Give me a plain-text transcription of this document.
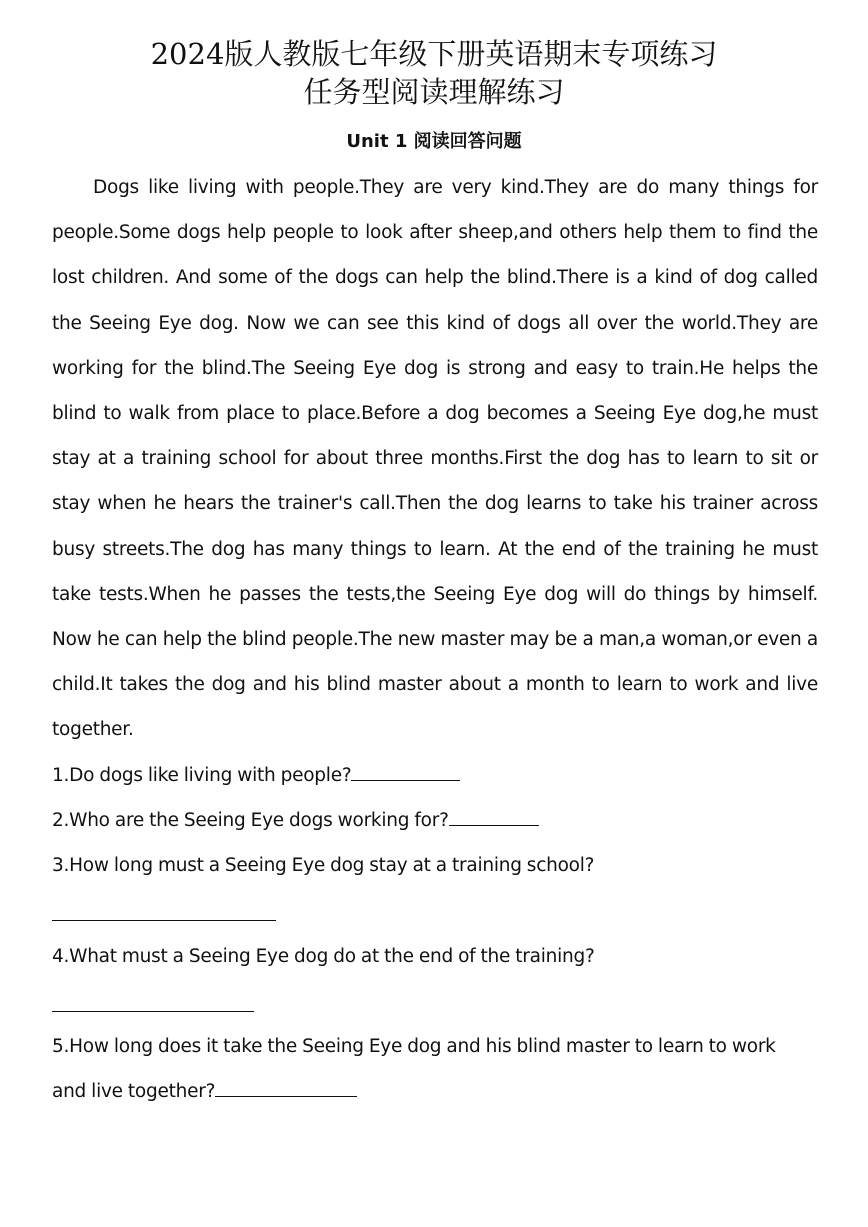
2024版人教版七年级下册英语期末专项练习
任务型阅读理解练习
Unit 1 阅读回答问题

Dogs like living with people.They are very kind.They are do many things for people.Some dogs help people to look after sheep,and others help them to find the lost children. And some of the dogs can help the blind.There is a kind of dog called the Seeing Eye dog. Now we can see this kind of dogs all over the world.They are working for the blind.The Seeing Eye dog is strong and easy to train.He helps the blind to walk from place to place.Before a dog becomes a Seeing Eye dog,he must stay at a training school for about three months.First the dog has to learn to sit or stay when he hears the trainer's call.Then the dog learns to take his trainer across busy streets.The dog has many things to learn. At the end of the training he must take tests.When he passes the tests,the Seeing Eye dog will do things by himself. Now he can help the blind people.The new master may be a man,a woman,or even a child.It takes the dog and his blind master about a month to learn to work and live together.

1.Do dogs like living with people?
2.Who are the Seeing Eye dogs working for?
3.How long must a Seeing Eye dog stay at a training school?
4.What must a Seeing Eye dog do at the end of the training?
5.How long does it take the Seeing Eye dog and his blind master to learn to work
and live together?
